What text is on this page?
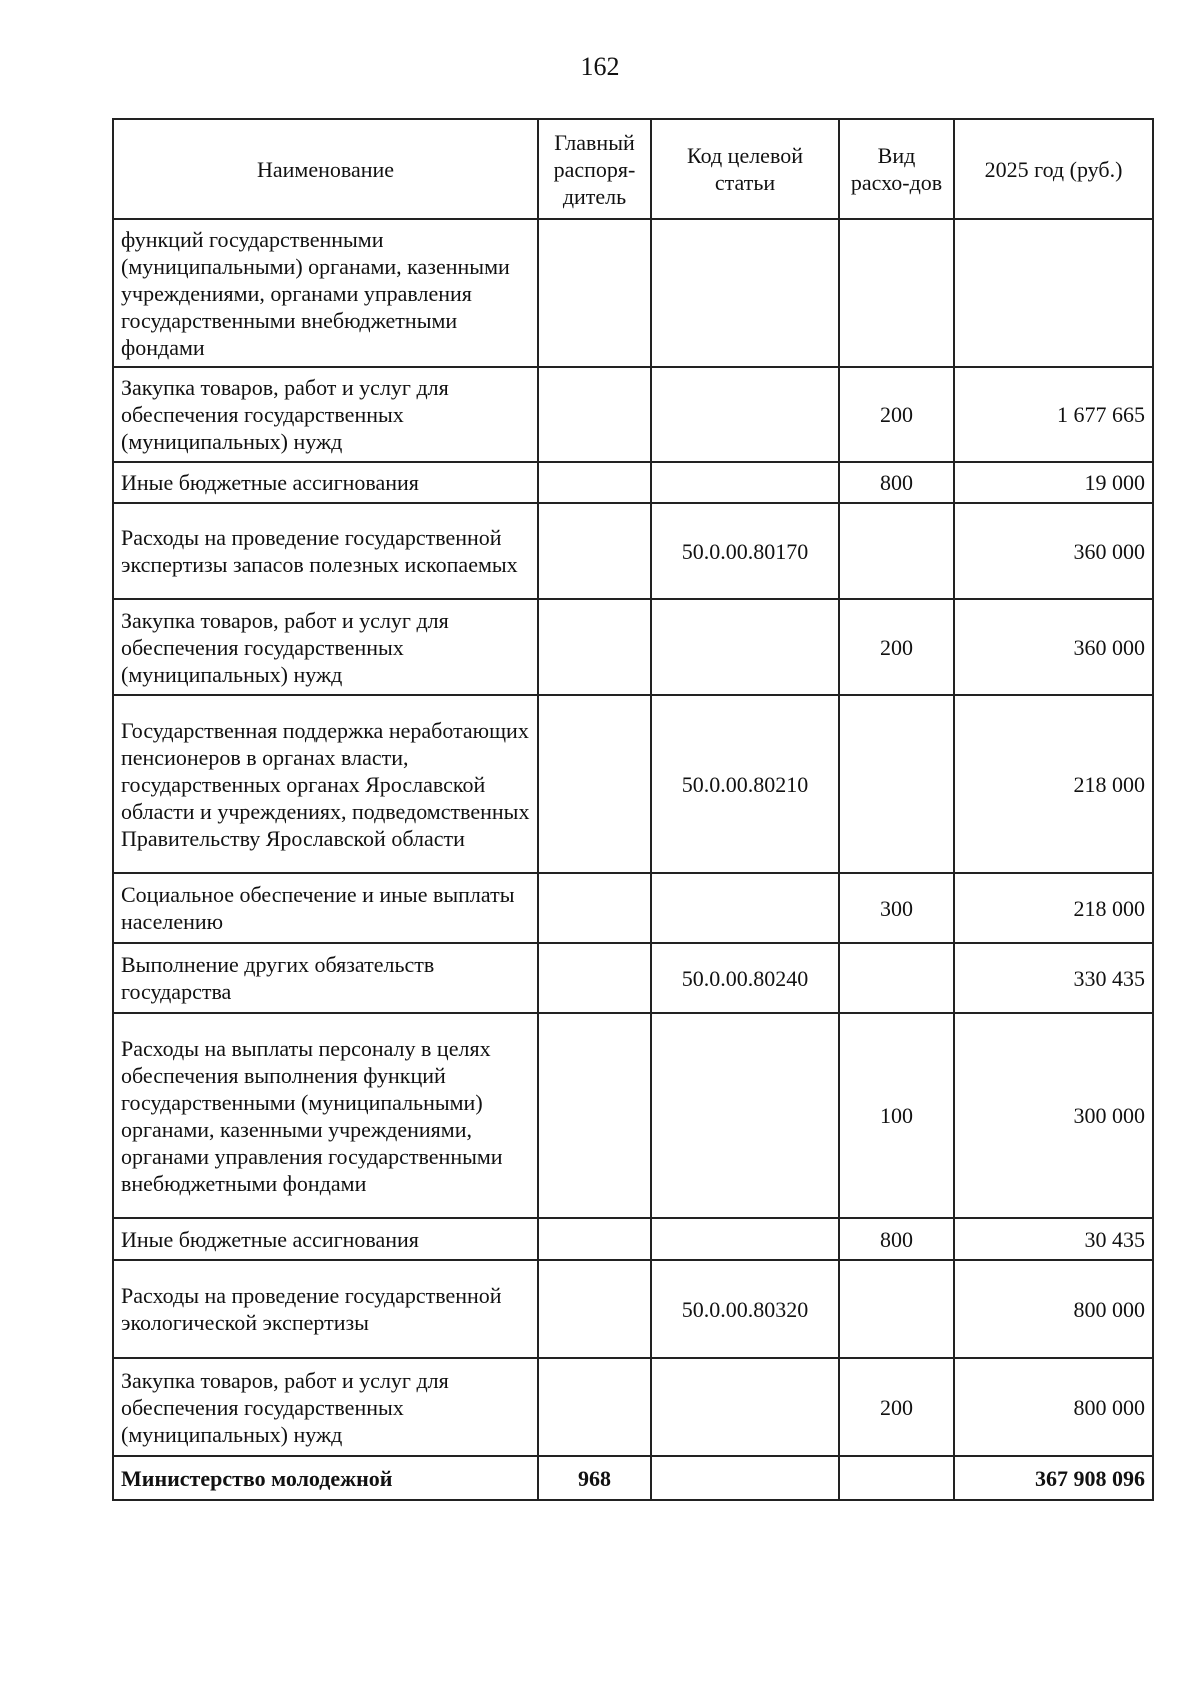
162
Наименование	Главный распоря-дитель	Код целевой статьи	Вид расхо-дов	2025 год (руб.)
функций государственными (муниципальными) органами, казенными учреждениями, органами управления государственными внебюджетными фондами				
Закупка товаров, работ и услуг для обеспечения государственных (муниципальных) нужд			200	1 677 665
Иные бюджетные ассигнования			800	19 000
Расходы на проведение государственной экспертизы запасов полезных ископаемых		50.0.00.80170		360 000
Закупка товаров, работ и услуг для обеспечения государственных (муниципальных) нужд			200	360 000
Государственная поддержка неработающих пенсионеров в органах власти, государственных органах Ярославской области и учреждениях, подведомственных Правительству Ярославской области		50.0.00.80210		218 000
Социальное обеспечение и иные выплаты населению			300	218 000
Выполнение других обязательств государства		50.0.00.80240		330 435
Расходы на выплаты персоналу в целях обеспечения выполнения функций государственными (муниципальными) органами, казенными учреждениями, органами управления государственными внебюджетными фондами			100	300 000
Иные бюджетные ассигнования			800	30 435
Расходы на проведение государственной экологической экспертизы		50.0.00.80320		800 000
Закупка товаров, работ и услуг для обеспечения государственных (муниципальных) нужд			200	800 000
Министерство молодежной	968			367 908 096
